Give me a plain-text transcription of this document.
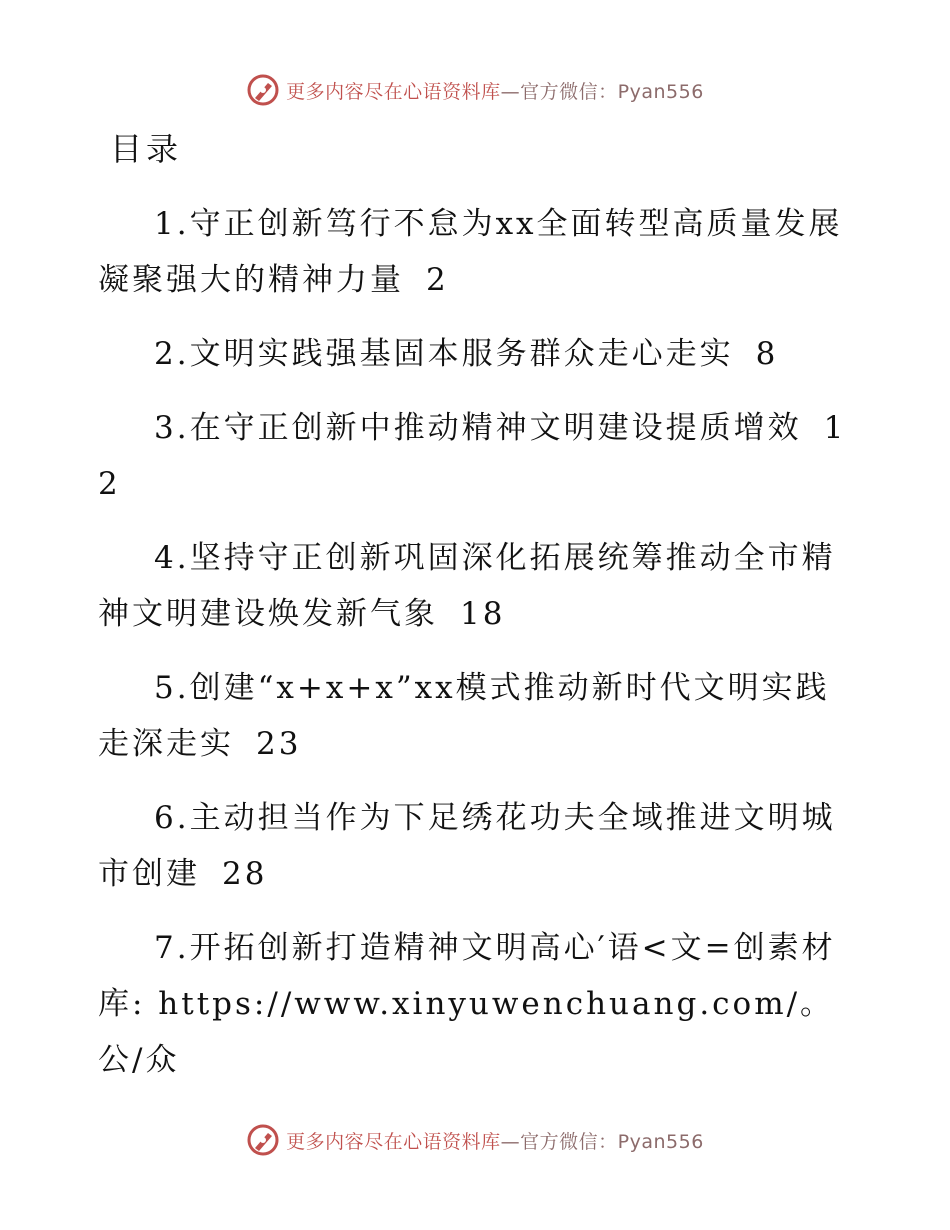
更多内容尽在心语资料库—官方微信：Pyan556
目录

1.守正创新笃行不怠为xx全面转型高质量发展凝聚强大的精神力量 2

2.文明实践强基固本服务群众走心走实 8

3.在守正创新中推动精神文明建设提质增效 12

4.坚持守正创新巩固深化拓展统筹推动全市精神文明建设焕发新气象 18

5.创建“x+x+x”xx模式推动新时代文明实践走深走实 23

6.主动担当作为下足绣花功夫全域推进文明城市创建 28

7.开拓创新打造精神文明高心′语<文=创素材库: https://www.xinyuwenchuang.com/。公/众

更多内容尽在心语资料库—官方微信：Pyan556
